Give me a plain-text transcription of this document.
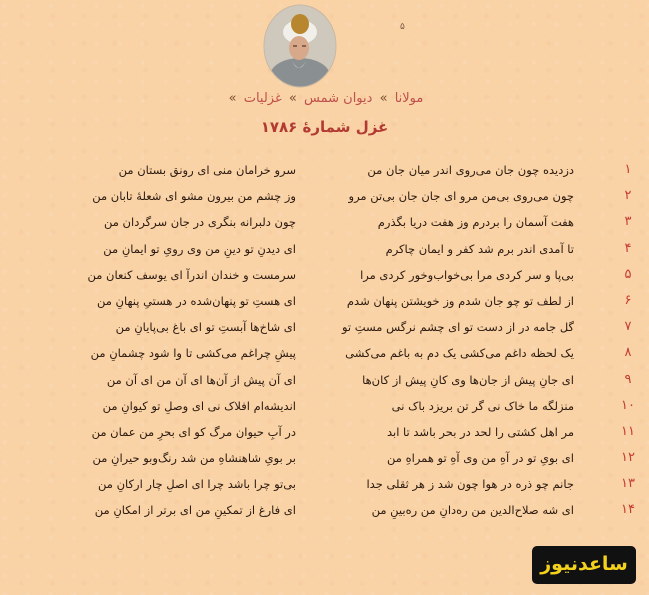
۵
مولانا » دیوان شمس » غزلیات »
غزل شمارهٔ ۱۷۸۶
۱
دزدیده چون جان می‌روی اندر میان جان من
سرو خرامان منی ای رونق بستان من
۲
چون می‌روی بی‌من مرو ای جان جان بی‌تن مرو
وز چشم من بیرون مشو ای شعلهٔ تابان من
۳
هفت آسمان را بردرم وز هفت دریا بگذرم
چون دلبرانه بنگری در جان سرگردان من
۴
تا آمدی اندر برم شد کفر و ایمان چاکرم
ای دیدنِ تو دینِ من وی رویِ تو ایمانِ من
۵
بی‌پا و سر کردی مرا بی‌خواب‌وخور کردی مرا
سرمست و خندان اندرآ ای یوسف کنعان من
۶
از لطف تو چو جان شدم وز خویشتن پنهان شدم
ای هستِ تو پنهان‌شده در هستیِ پنهانِ من
۷
گل جامه در از دست تو ای چشم نرگس مستِ تو
ای شاخ‌ها آبستِ تو ای باغ بی‌پایانِ من
۸
یک لحظه داغم می‌کشی یک دم به باغم می‌کشی
پیشِ چراغم می‌کشی تا وا شود چشمانِ من
۹
ای جانِ پیش از جان‌ها وی کانِ پیش از کان‌ها
ای آن پیش از آن‌ها ای آن من ای آن من
۱۰
منزلگه ما خاک نی گر تن بریزد باک نی
اندیشه‌ام افلاک نی ای وصلِ تو کیوانِ من
۱۱
مر اهل کشتی را لحد در بحر باشد تا ابد
در آبِ حیوان مرگ کو ای بحرِ من عمان من
۱۲
ای بویِ تو در آهِ من وی آهِ تو همراهِ من
بر بویِ شاهنشاهِ من شد رنگ‌وبو حیرانِ من
۱۳
جانم چو ذره در هوا چون شد ز هر ثقلی جدا
بی‌تو چرا باشد چرا ای اصلِ چار ارکانِ من
۱۴
ای شه صلاح‌الدین من ره‌دانِ من ره‌بینِ من
ای فارغ از تمکینِ من ای برتر از امکانِ من
ساعدنیوز
